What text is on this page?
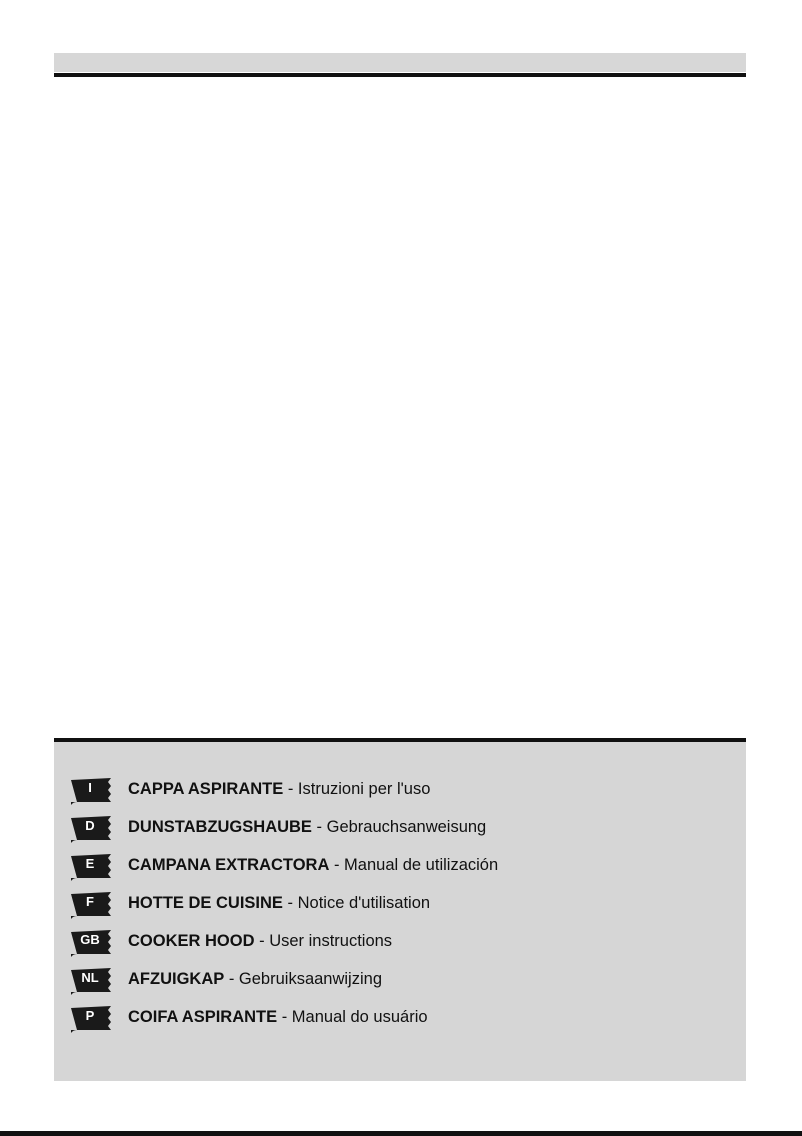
I	CAPPA ASPIRANTE - Istruzioni per l'uso
D	DUNSTABZUGSHAUBE - Gebrauchsanweisung
E	CAMPANA EXTRACTORA - Manual de utilización
F	HOTTE DE CUISINE - Notice d'utilisation
GB	COOKER HOOD - User instructions
NL	AFZUIGKAP - Gebruiksaanwijzing
P	COIFA ASPIRANTE - Manual do usuário
